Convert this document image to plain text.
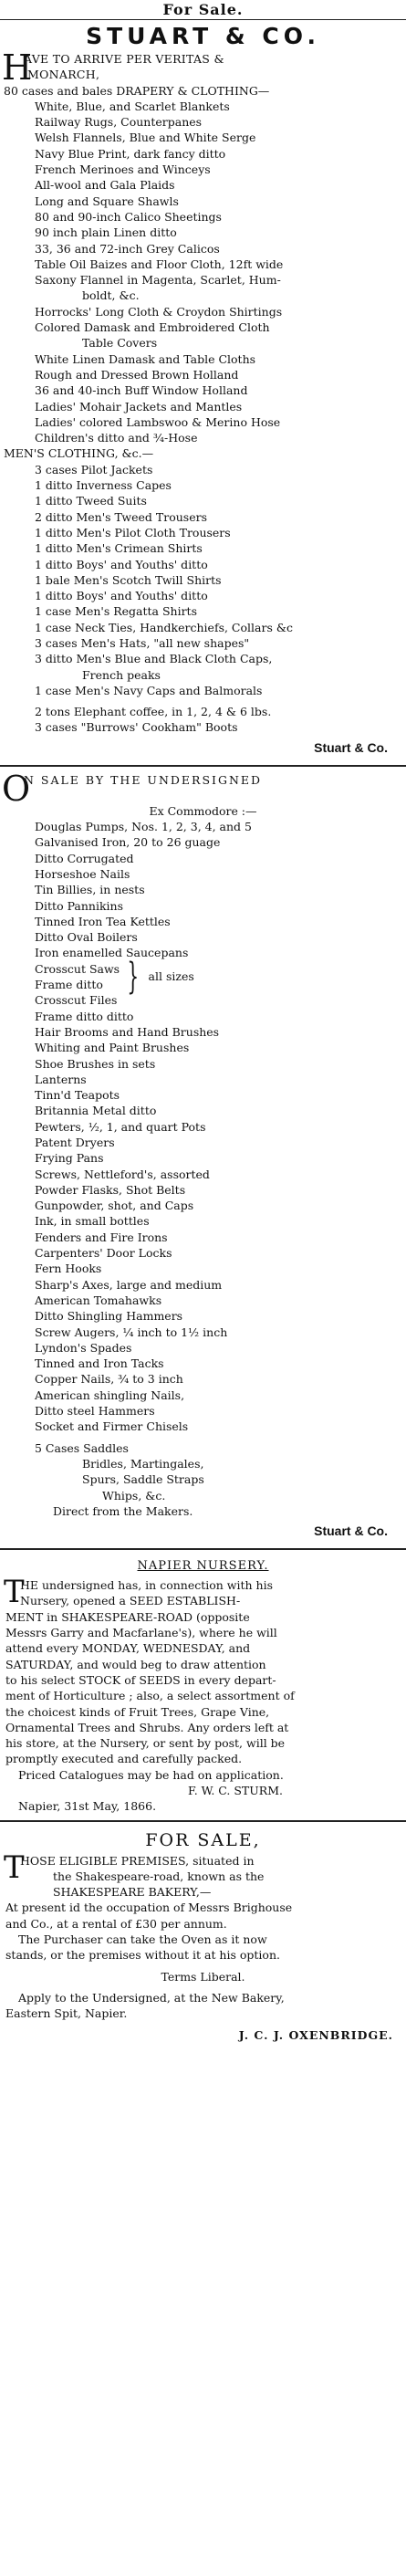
For Sale.
STUART & CO.
H
AVE TO ARRIVE PER VERITAS &
MONARCH,
80 cases and bales DRAPERY & CLOTHING—
White, Blue, and Scarlet Blankets
Railway Rugs, Counterpanes
Welsh Flannels, Blue and White Serge
Navy Blue Print, dark fancy ditto
French Merinoes and Winceys
All-wool and Gala Plaids
Long and Square Shawls
80 and 90-inch Calico Sheetings
90 inch plain Linen ditto
33, 36 and 72-inch Grey Calicos
Table Oil Baizes and Floor Cloth, 12ft wide
Saxony Flannel in Magenta, Scarlet, Hum-
boldt, &c.
Horrocks' Long Cloth & Croydon Shirtings
Colored Damask and Embroidered Cloth
Table Covers
White Linen Damask and Table Cloths
Rough and Dressed Brown Holland
36 and 40-inch Buff Window Holland
Ladies' Mohair Jackets and Mantles
Ladies' colored Lambswoo & Merino Hose
Children's ditto and ¾-Hose
MEN'S CLOTHING, &c.—
3 cases Pilot Jackets
1 ditto Inverness Capes
1 ditto Tweed Suits
2 ditto Men's Tweed Trousers
1 ditto Men's Pilot Cloth Trousers
1 ditto Men's Crimean Shirts
1 ditto Boys' and Youths' ditto
1 bale Men's Scotch Twill Shirts
1 ditto Boys' and Youths' ditto
1 case Men's Regatta Shirts
1 case Neck Ties, Handkerchiefs, Collars &c
3 cases Men's Hats, "all new shapes"
3 ditto Men's Blue and Black Cloth Caps,
French peaks
1 case Men's Navy Caps and Balmorals
2 tons Elephant coffee, in 1, 2, 4 & 6 lbs.
3 cases "Burrows' Cookham" Boots
Stuart & Co.
O
N SALE BY THE UNDERSIGNED
Ex Commodore :—
Douglas Pumps, Nos. 1, 2, 3, 4, and 5
Galvanised Iron, 20 to 26 guage
Ditto Corrugated
Horseshoe Nails
Tin Billies, in nests
Ditto Pannikins
Tinned Iron Tea Kettles
Ditto Oval Boilers
Iron enamelled Saucepans
Crosscut Saws
Frame ditto } all sizes
Crosscut Files
Frame ditto ditto
Hair Brooms and Hand Brushes
Whiting and Paint Brushes
Shoe Brushes in sets
Lanterns
Tinn'd Teapots
Britannia Metal ditto
Pewters, ½, 1, and quart Pots
Patent Dryers
Frying Pans
Screws, Nettleford's, assorted
Powder Flasks, Shot Belts
Gunpowder, shot, and Caps
Ink, in small bottles
Fenders and Fire Irons
Carpenters' Door Locks
Fern Hooks
Sharp's Axes, large and medium
American Tomahawks
Ditto Shingling Hammers
Screw Augers, ¼ inch to 1½ inch
Lyndon's Spades
Tinned and Iron Tacks
Copper Nails, ¾ to 3 inch
American shingling Nails,
Ditto steel Hammers
Socket and Firmer Chisels
5 Cases Saddles
Bridles, Martingales,
Spurs, Saddle Straps
Whips, &c.
Direct from the Makers.
Stuart & Co.
NAPIER NURSERY.
T
HE undersigned has, in connection with his
Nursery, opened a SEED ESTABLISH-
MENT in SHAKESPEARE-ROAD (opposite
Messrs Garry and Macfarlane's), where he will
attend every MONDAY, WEDNESDAY, and
SATURDAY, and would beg to draw attention
to his select STOCK of SEEDS in every depart-
ment of Horticulture ; also, a select assortment of
the choicest kinds of Fruit Trees, Grape Vine,
Ornamental Trees and Shrubs. Any orders left at
his store, at the Nursery, or sent by post, will be
promptly executed and carefully packed.
Priced Catalogues may be had on application.
F. W. C. STURM.
Napier, 31st May, 1866.
FOR SALE,
T
HOSE ELIGIBLE PREMISES, situated in
the Shakespeare-road, known as the
SHAKESPEARE BAKERY,—
At present id the occupation of Messrs Brighouse
and Co., at a rental of £30 per annum.
The Purchaser can take the Oven as it now
stands, or the premises without it at his option.
Terms Liberal.
Apply to the Undersigned, at the New Bakery,
Eastern Spit, Napier.
J. C. J. OXENBRIDGE.
